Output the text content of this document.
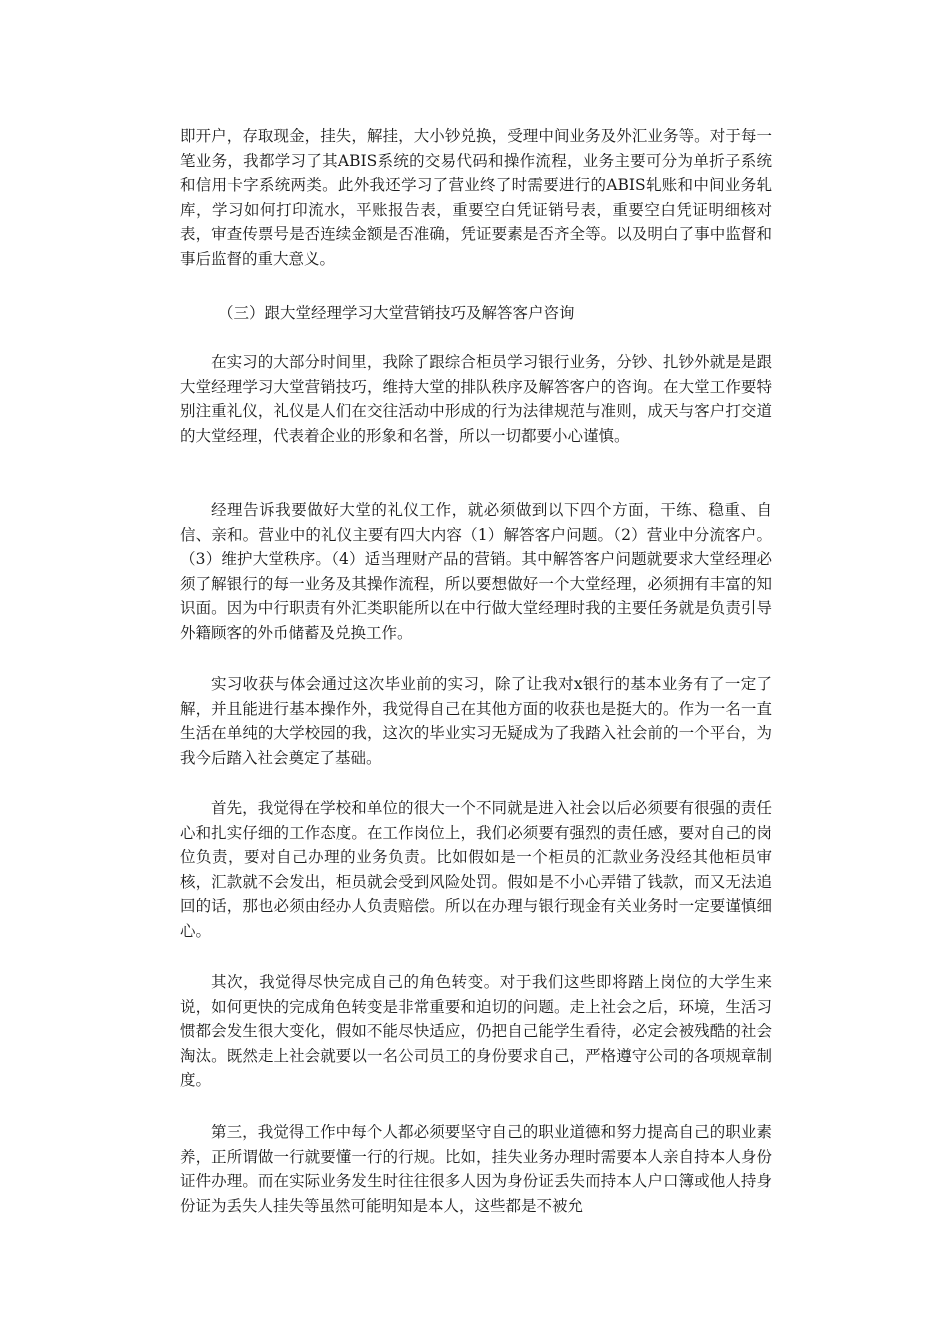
即开户，存取现金，挂失，解挂，大小钞兑换，受理中间业务及外汇业务等。对于每一笔业务，我都学习了其ABIS系统的交易代码和操作流程，业务主要可分为单折子系统和信用卡字系统两类。此外我还学习了营业终了时需要进行的ABIS轧账和中间业务轧库，学习如何打印流水，平账报告表，重要空白凭证销号表，重要空白凭证明细核对表，审查传票号是否连续金额是否准确，凭证要素是否齐全等。以及明白了事中监督和事后监督的重大意义。

（三）跟大堂经理学习大堂营销技巧及解答客户咨询

在实习的大部分时间里，我除了跟综合柜员学习银行业务，分钞、扎钞外就是是跟大堂经理学习大堂营销技巧，维持大堂的排队秩序及解答客户的咨询。在大堂工作要特别注重礼仪，礼仪是人们在交往活动中形成的行为法律规范与准则，成天与客户打交道的大堂经理，代表着企业的形象和名誉，所以一切都要小心谨慎。

经理告诉我要做好大堂的礼仪工作，就必须做到以下四个方面，干练、稳重、自信、亲和。营业中的礼仪主要有四大内容（1）解答客户问题。（2）营业中分流客户。（3）维护大堂秩序。（4）适当理财产品的营销。其中解答客户问题就要求大堂经理必须了解银行的每一业务及其操作流程，所以要想做好一个大堂经理，必须拥有丰富的知识面。因为中行职责有外汇类职能所以在中行做大堂经理时我的主要任务就是负责引导外籍顾客的外币储蓄及兑换工作。

实习收获与体会通过这次毕业前的实习，除了让我对x银行的基本业务有了一定了解，并且能进行基本操作外，我觉得自己在其他方面的收获也是挺大的。作为一名一直生活在单纯的大学校园的我，这次的毕业实习无疑成为了我踏入社会前的一个平台，为我今后踏入社会奠定了基础。

首先，我觉得在学校和单位的很大一个不同就是进入社会以后必须要有很强的责任心和扎实仔细的工作态度。在工作岗位上，我们必须要有强烈的责任感，要对自己的岗位负责，要对自己办理的业务负责。比如假如是一个柜员的汇款业务没经其他柜员审核，汇款就不会发出，柜员就会受到风险处罚。假如是不小心弄错了钱款，而又无法追回的话，那也必须由经办人负责赔偿。所以在办理与银行现金有关业务时一定要谨慎细心。

其次，我觉得尽快完成自己的角色转变。对于我们这些即将踏上岗位的大学生来说，如何更快的完成角色转变是非常重要和迫切的问题。走上社会之后，环境，生活习惯都会发生很大变化，假如不能尽快适应，仍把自己能学生看待，必定会被残酷的社会淘汰。既然走上社会就要以一名公司员工的身份要求自己，严格遵守公司的各项规章制度。

第三，我觉得工作中每个人都必须要坚守自己的职业道德和努力提高自己的职业素养，正所谓做一行就要懂一行的行规。比如，挂失业务办理时需要本人亲自持本人身份证件办理。而在实际业务发生时往往很多人因为身份证丢失而持本人户口簿或他人持身份证为丢失人挂失等虽然可能明知是本人，这些都是不被允
